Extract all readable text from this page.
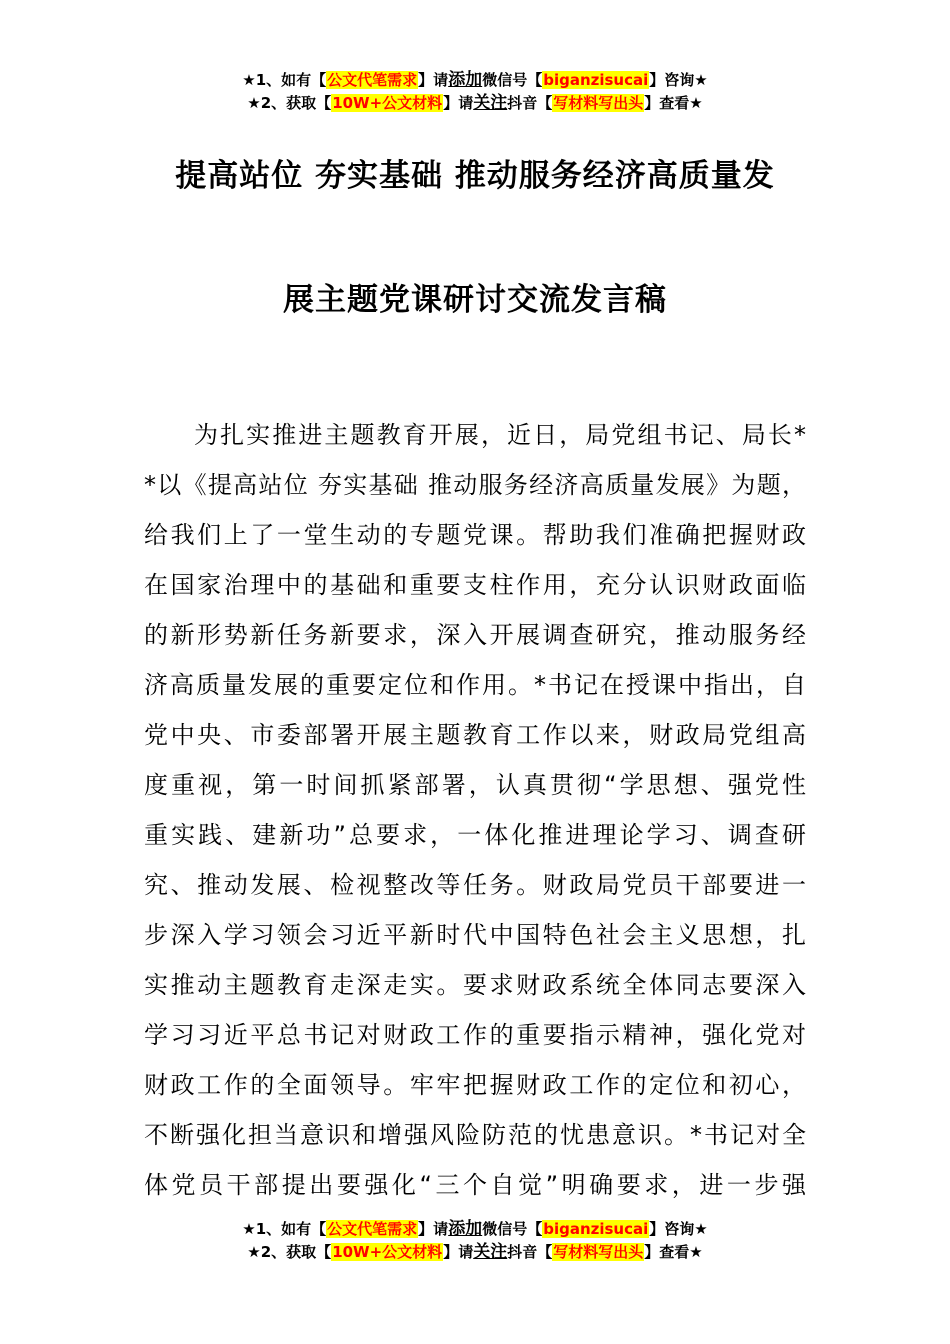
★1、如有【公文代笔需求】请添加微信号【biganzisucai】咨询★
★2、获取【10W+公文材料】请关注抖音【写材料写出头】查看★
提高站位 夯实基础 推动服务经济高质量发
展主题党课研讨交流发言稿
为扎实推进主题教育开展，近日，局党组书记、局长*
*以《提高站位 夯实基础 推动服务经济高质量发展》为题，
给我们上了一堂生动的专题党课。帮助我们准确把握财政
在国家治理中的基础和重要支柱作用，充分认识财政面临
的新形势新任务新要求，深入开展调查研究，推动服务经
济高质量发展的重要定位和作用。*书记在授课中指出，自
党中央、市委部署开展主题教育工作以来，财政局党组高
度重视，第一时间抓紧部署，认真贯彻“学思想、强党性
重实践、建新功”总要求，一体化推进理论学习、调查研
究、推动发展、检视整改等任务。财政局党员干部要进一
步深入学习领会习近平新时代中国特色社会主义思想，扎
实推动主题教育走深走实。要求财政系统全体同志要深入
学习习近平总书记对财政工作的重要指示精神，强化党对
财政工作的全面领导。牢牢把握财政工作的定位和初心，
不断强化担当意识和增强风险防范的忧患意识。*书记对全
体党员干部提出要强化“三个自觉”明确要求，进一步强
★1、如有【公文代笔需求】请添加微信号【biganzisucai】咨询★
★2、获取【10W+公文材料】请关注抖音【写材料写出头】查看★
